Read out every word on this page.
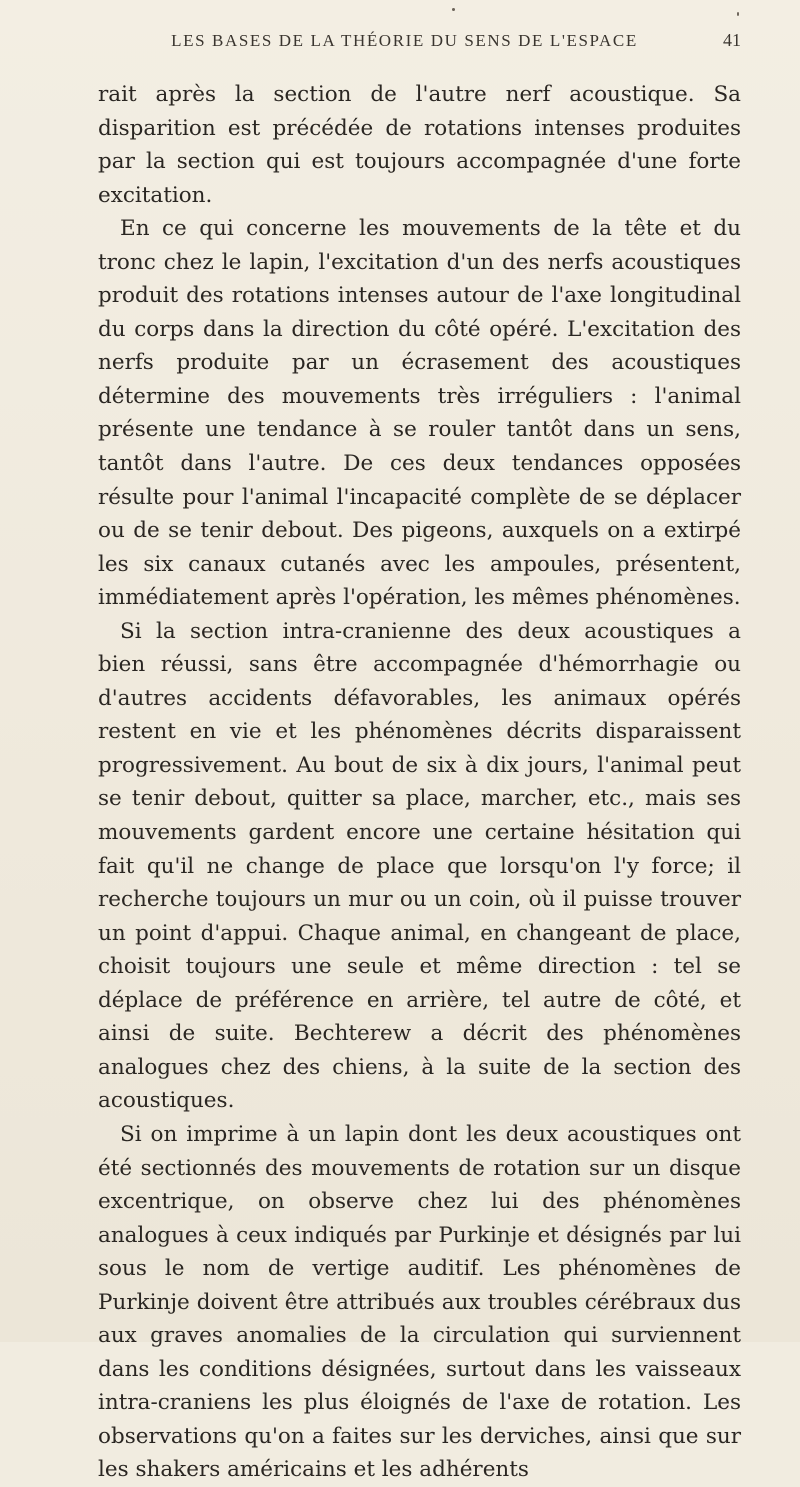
LES BASES DE LA THÉORIE DU SENS DE L'ESPACE	41

rait après la section de l'autre nerf acoustique. Sa disparition est précédée de rotations intenses produites par la section qui est toujours accompagnée d'une forte excitation.

En ce qui concerne les mouvements de la tête et du tronc chez le lapin, l'excitation d'un des nerfs acoustiques produit des rotations intenses autour de l'axe longitudinal du corps dans la direction du côté opéré. L'excitation des nerfs produite par un écrasement des acoustiques détermine des mouvements très irréguliers : l'animal présente une tendance à se rouler tantôt dans un sens, tantôt dans l'autre. De ces deux tendances opposées résulte pour l'animal l'incapacité complète de se déplacer ou de se tenir debout. Des pigeons, auxquels on a extirpé les six canaux cutanés avec les ampoules, présentent, immédiatement après l'opération, les mêmes phénomènes.

Si la section intra-cranienne des deux acoustiques a bien réussi, sans être accompagnée d'hémorrhagie ou d'autres accidents défavorables, les animaux opérés restent en vie et les phénomènes décrits disparaissent progressivement. Au bout de six à dix jours, l'animal peut se tenir debout, quitter sa place, marcher, etc., mais ses mouvements gardent encore une certaine hésitation qui fait qu'il ne change de place que lorsqu'on l'y force; il recherche toujours un mur ou un coin, où il puisse trouver un point d'appui. Chaque animal, en changeant de place, choisit toujours une seule et même direction : tel se déplace de préférence en arrière, tel autre de côté, et ainsi de suite. Bechterew a décrit des phénomènes analogues chez des chiens, à la suite de la section des acoustiques.

Si on imprime à un lapin dont les deux acoustiques ont été sectionnés des mouvements de rotation sur un disque excentrique, on observe chez lui des phénomènes analogues à ceux indiqués par Purkinje et désignés par lui sous le nom de vertige auditif. Les phénomènes de Purkinje doivent être attribués aux troubles cérébraux dus aux graves anomalies de la circulation qui surviennent dans les conditions désignées, surtout dans les vaisseaux intra-craniens les plus éloignés de l'axe de rotation. Les observations qu'on a faites sur les derviches, ainsi que sur les shakers américains et les adhérents
